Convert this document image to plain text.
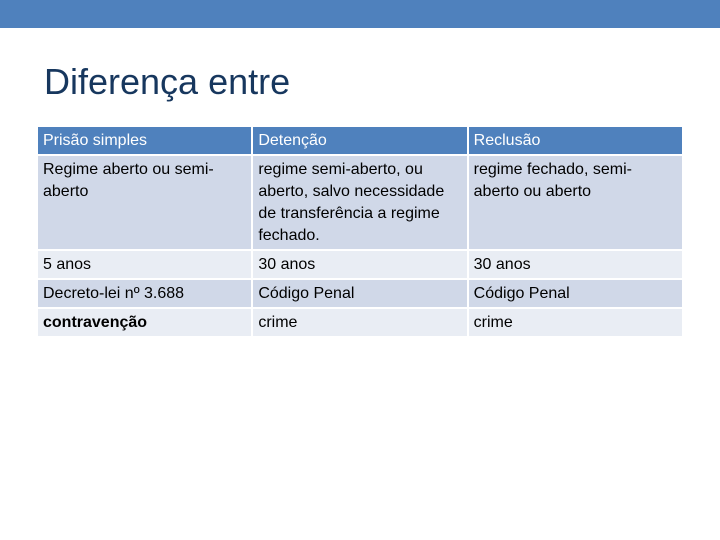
Diferença entre
Prisão simples	Detenção	Reclusão
Regime aberto ou semi-aberto	regime semi-aberto, ou aberto, salvo necessidade de transferência a regime fechado.	regime fechado, semi-aberto ou aberto
5 anos	30 anos	30 anos
Decreto-lei nº 3.688	Código Penal	Código Penal
contravenção	crime	crime
